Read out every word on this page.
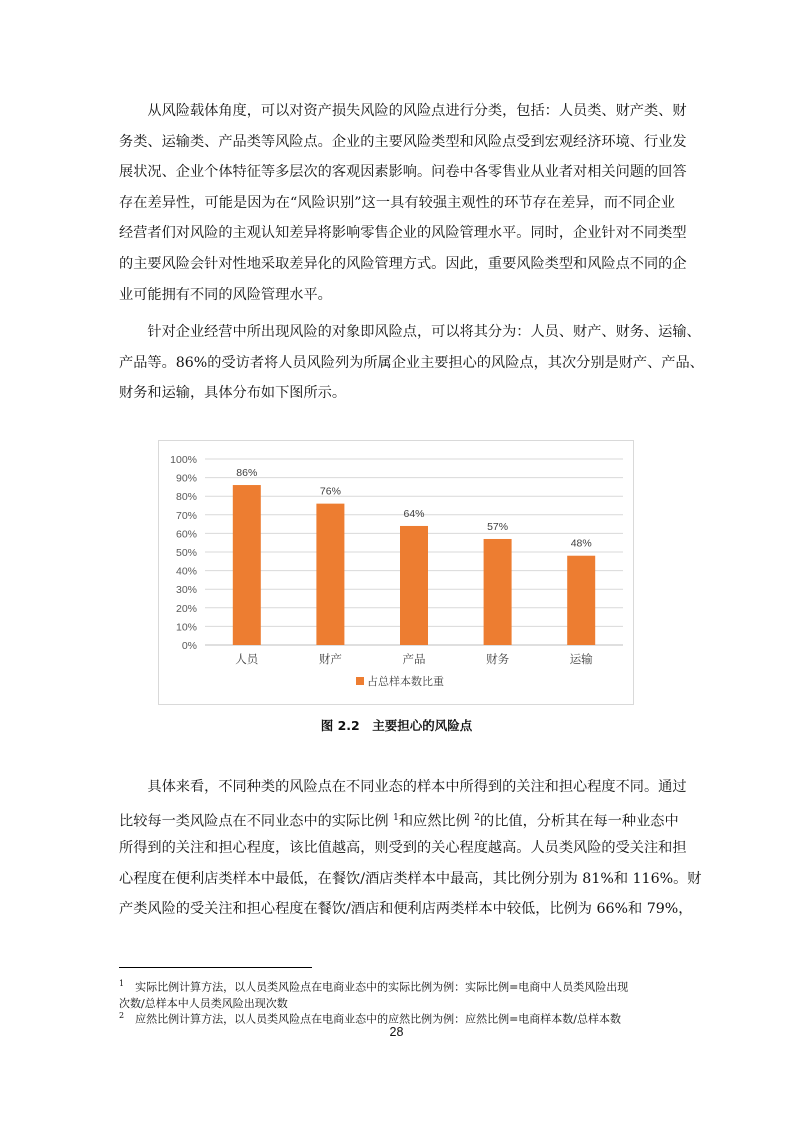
　　从风险载体角度，可以对资产损失风险的风险点进行分类，包括：人员类、财产类、财
务类、运输类、产品类等风险点。企业的主要风险类型和风险点受到宏观经济环境、行业发
展状况、企业个体特征等多层次的客观因素影响。问卷中各零售业从业者对相关问题的回答
存在差异性，可能是因为在“风险识别”这一具有较强主观性的环节存在差异，而不同企业
经营者们对风险的主观认知差异将影响零售企业的风险管理水平。同时，企业针对不同类型
的主要风险会针对性地采取差异化的风险管理方式。因此，重要风险类型和风险点不同的企
业可能拥有不同的风险管理水平。
　　针对企业经营中所出现风险的对象即风险点，可以将其分为：人员、财产、财务、运输、
产品等。86%的受访者将人员风险列为所属企业主要担心的风险点，其次分别是财产、产品、
财务和运输，具体分布如下图所示。
0%
10%
20%
30%
40%
50%
60%
70%
80%
90%
100%
86%
人员
76%
财产
64%
产品
57%
财务
48%
运输
占总样本数比重
图 2.2　主要担心的风险点
　　具体来看，不同种类的风险点在不同业态的样本中所得到的关注和担心程度不同。通过
比较每一类风险点在不同业态中的实际比例 $^1$和应然比例 $^2$的比值，分析其在每一种业态中
所得到的关注和担心程度，该比值越高，则受到的关心程度越高。人员类风险的受关注和担
心程度在便利店类样本中最低，在餐饮/酒店类样本中最高，其比例分别为 81%和 116%。财
产类风险的受关注和担心程度在餐饮/酒店和便利店两类样本中较低，比例为 66%和 79%，

$^1$　实际比例计算方法，以人员类风险点在电商业态中的实际比例为例：实际比例=电商中人员类风险出现
次数/总样本中人员类风险出现次数

$^2$　应然比例计算方法，以人员类风险点在电商业态中的应然比例为例：应然比例=电商样本数/总样本数

28
